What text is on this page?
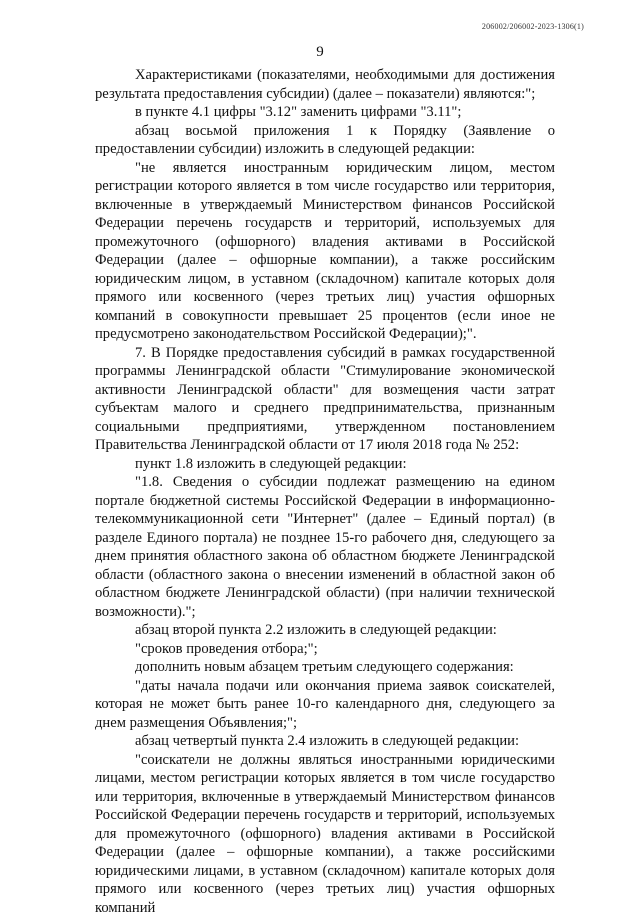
206002/206002-2023-1306(1)
9

Характеристиками (показателями, необходимыми для достижения результата предоставления субсидии) (далее – показатели) являются:";

в пункте 4.1 цифры "3.12" заменить цифрами "3.11";

абзац восьмой приложения 1 к Порядку (Заявление о предоставлении субсидии) изложить в следующей редакции:

"не является иностранным юридическим лицом, местом регистрации которого является в том числе государство или территория, включенные в утверждаемый Министерством финансов Российской Федерации перечень государств и территорий, используемых для промежуточного (офшорного) владения активами в Российской Федерации (далее – офшорные компании), а также российским юридическим лицом, в уставном (складочном) капитале которых доля прямого или косвенного (через третьих лиц) участия офшорных компаний в совокупности превышает 25 процентов (если иное не предусмотрено законодательством Российской Федерации);".

7. В Порядке предоставления субсидий в рамках государственной программы Ленинградской области "Стимулирование экономической активности Ленинградской области" для возмещения части затрат субъектам малого и среднего предпринимательства, признанным социальными предприятиями, утвержденном постановлением Правительства Ленинградской области от 17 июля 2018 года № 252:

пункт 1.8 изложить в следующей редакции:

"1.8. Сведения о субсидии подлежат размещению на едином портале бюджетной системы Российской Федерации в информационно-телекоммуникационной сети "Интернет" (далее – Единый портал) (в разделе Единого портала) не позднее 15-го рабочего дня, следующего за днем принятия областного закона об областном бюджете Ленинградской области (областного закона о внесении изменений в областной закон об областном бюджете Ленинградской области) (при наличии технической возможности).";

абзац второй пункта 2.2 изложить в следующей редакции:

"сроков проведения отбора;";

дополнить новым абзацем третьим следующего содержания:

"даты начала подачи или окончания приема заявок соискателей, которая не может быть ранее 10-го календарного дня, следующего за днем размещения Объявления;";

абзац четвертый пункта 2.4 изложить в следующей редакции:

"соискатели не должны являться иностранными юридическими лицами, местом регистрации которых является в том числе государство или территория, включенные в утверждаемый Министерством финансов Российской Федерации перечень государств и территорий, используемых для промежуточного (офшорного) владения активами в Российской Федерации (далее – офшорные компании), а также российскими юридическими лицами, в уставном (складочном) капитале которых доля прямого или косвенного (через третьих лиц) участия офшорных компаний
